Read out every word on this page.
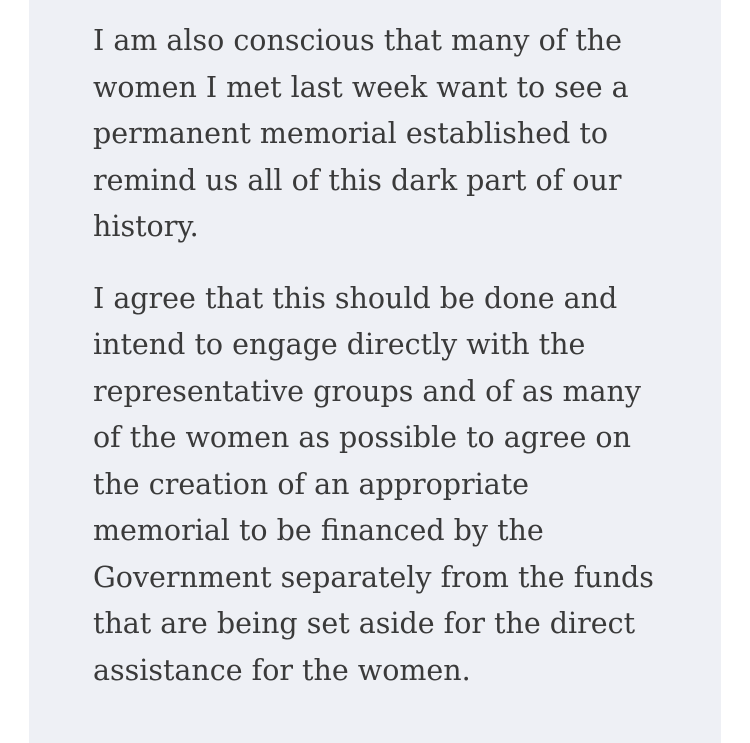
I am also conscious that many of the
women I met last week want to see a
permanent memorial established to
remind us all of this dark part of our
history.

I agree that this should be done and
intend to engage directly with the
representative groups and of as many
of the women as possible to agree on
the creation of an appropriate
memorial to be financed by the
Government separately from the funds
that are being set aside for the direct
assistance for the women.
